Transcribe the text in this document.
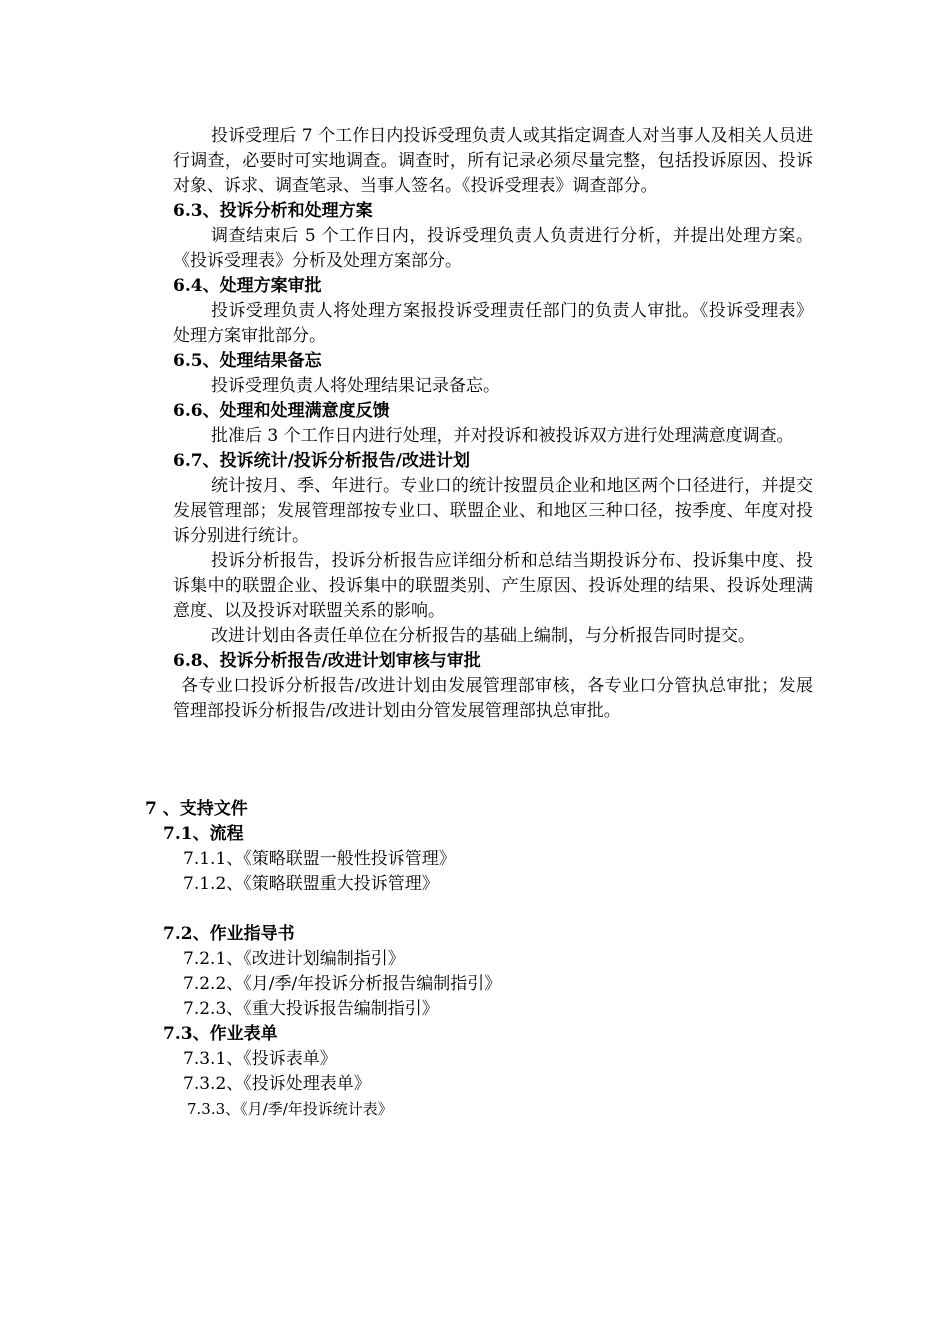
投诉受理后 7 个工作日内投诉受理负责人或其指定调查人对当事人及相关人员进行调查，必要时可实地调查。调查时，所有记录必须尽量完整，包括投诉原因、投诉对象、诉求、调查笔录、当事人签名。《投诉受理表》调查部分。

6.3、投诉分析和处理方案

调查结束后 5 个工作日内，投诉受理负责人负责进行分析，并提出处理方案。《投诉受理表》分析及处理方案部分。

6.4、处理方案审批

投诉受理负责人将处理方案报投诉受理责任部门的负责人审批。《投诉受理表》处理方案审批部分。

6.5、处理结果备忘

投诉受理负责人将处理结果记录备忘。

6.6、处理和处理满意度反馈

批准后 3 个工作日内进行处理，并对投诉和被投诉双方进行处理满意度调查。

6.7、投诉统计/投诉分析报告/改进计划

统计按月、季、年进行。专业口的统计按盟员企业和地区两个口径进行，并提交发展管理部；发展管理部按专业口、联盟企业、和地区三种口径，按季度、年度对投诉分别进行统计。

投诉分析报告，投诉分析报告应详细分析和总结当期投诉分布、投诉集中度、投诉集中的联盟企业、投诉集中的联盟类别、产生原因、投诉处理的结果、投诉处理满意度、以及投诉对联盟关系的影响。

改进计划由各责任单位在分析报告的基础上编制，与分析报告同时提交。

6.8、投诉分析报告/改进计划审核与审批

各专业口投诉分析报告/改进计划由发展管理部审核，各专业口分管执总审批；发展管理部投诉分析报告/改进计划由分管发展管理部执总审批。

7 、支持文件
7.1、流程
7.1.1、《策略联盟一般性投诉管理》
7.1.2、《策略联盟重大投诉管理》
7.2、作业指导书
7.2.1、《改进计划编制指引》
7.2.2、《月/季/年投诉分析报告编制指引》
7.2.3、《重大投诉报告编制指引》
7.3、作业表单
7.3.1、《投诉表单》
7.3.2、《投诉处理表单》
7.3.3、《月/季/年投诉统计表》
